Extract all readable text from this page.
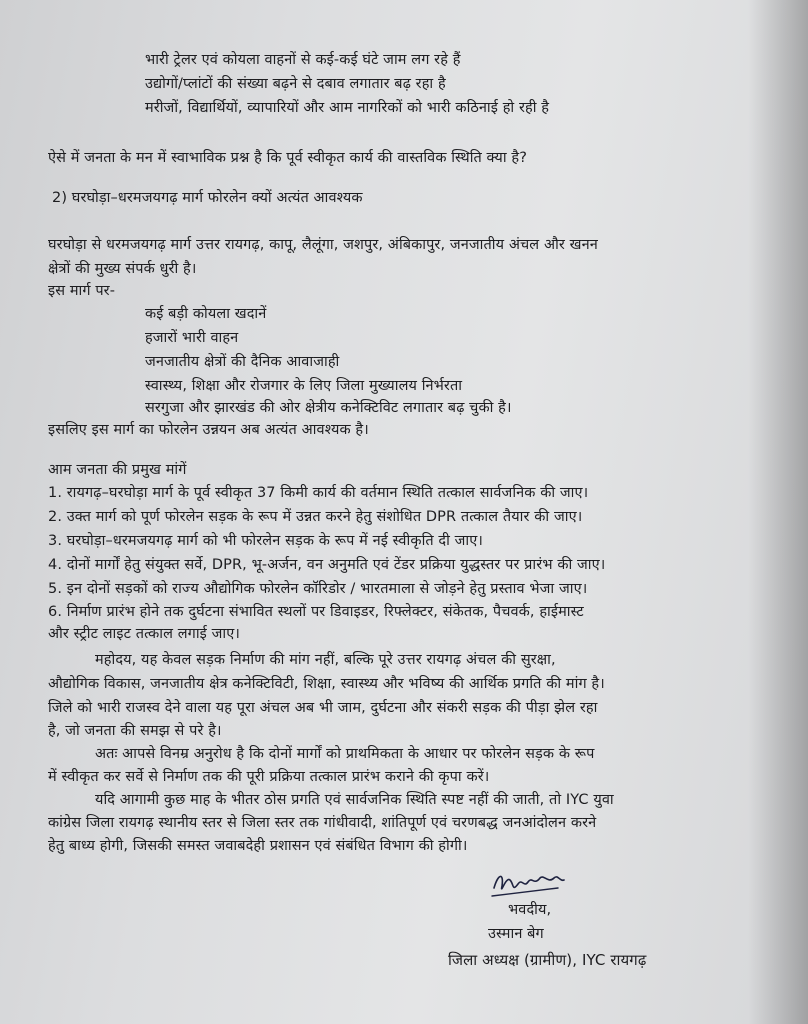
भारी ट्रेलर एवं कोयला वाहनों से कई-कई घंटे जाम लग रहे हैं
उद्योगों/प्लांटों की संख्या बढ़ने से दबाव लगातार बढ़ रहा है
मरीजों, विद्यार्थियों, व्यापारियों और आम नागरिकों को भारी कठिनाई हो रही है
ऐसे में जनता के मन में स्वाभाविक प्रश्न है कि पूर्व स्वीकृत कार्य की वास्तविक स्थिति क्या है?
2) घरघोड़ा–धरमजयगढ़ मार्ग फोरलेन क्यों अत्यंत आवश्यक
घरघोड़ा से धरमजयगढ़ मार्ग उत्तर रायगढ़, कापू, लैलूंगा, जशपुर, अंबिकापुर, जनजातीय अंचल और खनन
क्षेत्रों की मुख्य संपर्क धुरी है।
इस मार्ग पर-
कई बड़ी कोयला खदानें
हजारों भारी वाहन
जनजातीय क्षेत्रों की दैनिक आवाजाही
स्वास्थ्य, शिक्षा और रोजगार के लिए जिला मुख्यालय निर्भरता
सरगुजा और झारखंड की ओर क्षेत्रीय कनेक्टिविट लगातार बढ़ चुकी है।
इसलिए इस मार्ग का फोरलेन उन्नयन अब अत्यंत आवश्यक है।
आम जनता की प्रमुख मांगें
1. रायगढ़–घरघोड़ा मार्ग के पूर्व स्वीकृत 37 किमी कार्य की वर्तमान स्थिति तत्काल सार्वजनिक की जाए।
2. उक्त मार्ग को पूर्ण फोरलेन सड़क के रूप में उन्नत करने हेतु संशोधित DPR तत्काल तैयार की जाए।
3. घरघोड़ा–धरमजयगढ़ मार्ग को भी फोरलेन सड़क के रूप में नई स्वीकृति दी जाए।
4. दोनों मार्गों हेतु संयुक्त सर्वे, DPR, भू-अर्जन, वन अनुमति एवं टेंडर प्रक्रिया युद्धस्तर पर प्रारंभ की जाए।
5. इन दोनों सड़कों को राज्य औद्योगिक फोरलेन कॉरिडोर / भारतमाला से जोड़ने हेतु प्रस्ताव भेजा जाए।
6. निर्माण प्रारंभ होने तक दुर्घटना संभावित स्थलों पर डिवाइडर, रिफ्लेक्टर, संकेतक, पैचवर्क, हाईमास्ट
और स्ट्रीट लाइट तत्काल लगाई जाए।
महोदय, यह केवल सड़क निर्माण की मांग नहीं, बल्कि पूरे उत्तर रायगढ़ अंचल की सुरक्षा,
औद्योगिक विकास, जनजातीय क्षेत्र कनेक्टिविटी, शिक्षा, स्वास्थ्य और भविष्य की आर्थिक प्रगति की मांग है।
जिले को भारी राजस्व देने वाला यह पूरा अंचल अब भी जाम, दुर्घटना और संकरी सड़क की पीड़ा झेल रहा
है, जो जनता की समझ से परे है।
अतः आपसे विनम्र अनुरोध है कि दोनों मार्गों को प्राथमिकता के आधार पर फोरलेन सड़क के रूप
में स्वीकृत कर सर्वे से निर्माण तक की पूरी प्रक्रिया तत्काल प्रारंभ कराने की कृपा करें।
यदि आगामी कुछ माह के भीतर ठोस प्रगति एवं सार्वजनिक स्थिति स्पष्ट नहीं की जाती, तो IYC युवा
कांग्रेस जिला रायगढ़ स्थानीय स्तर से जिला स्तर तक गांधीवादी, शांतिपूर्ण एवं चरणबद्ध जनआंदोलन करने
हेतु बाध्य होगी, जिसकी समस्त जवाबदेही प्रशासन एवं संबंधित विभाग की होगी।
भवदीय,
उस्मान बेग
जिला अध्यक्ष (ग्रामीण), IYC रायगढ़
